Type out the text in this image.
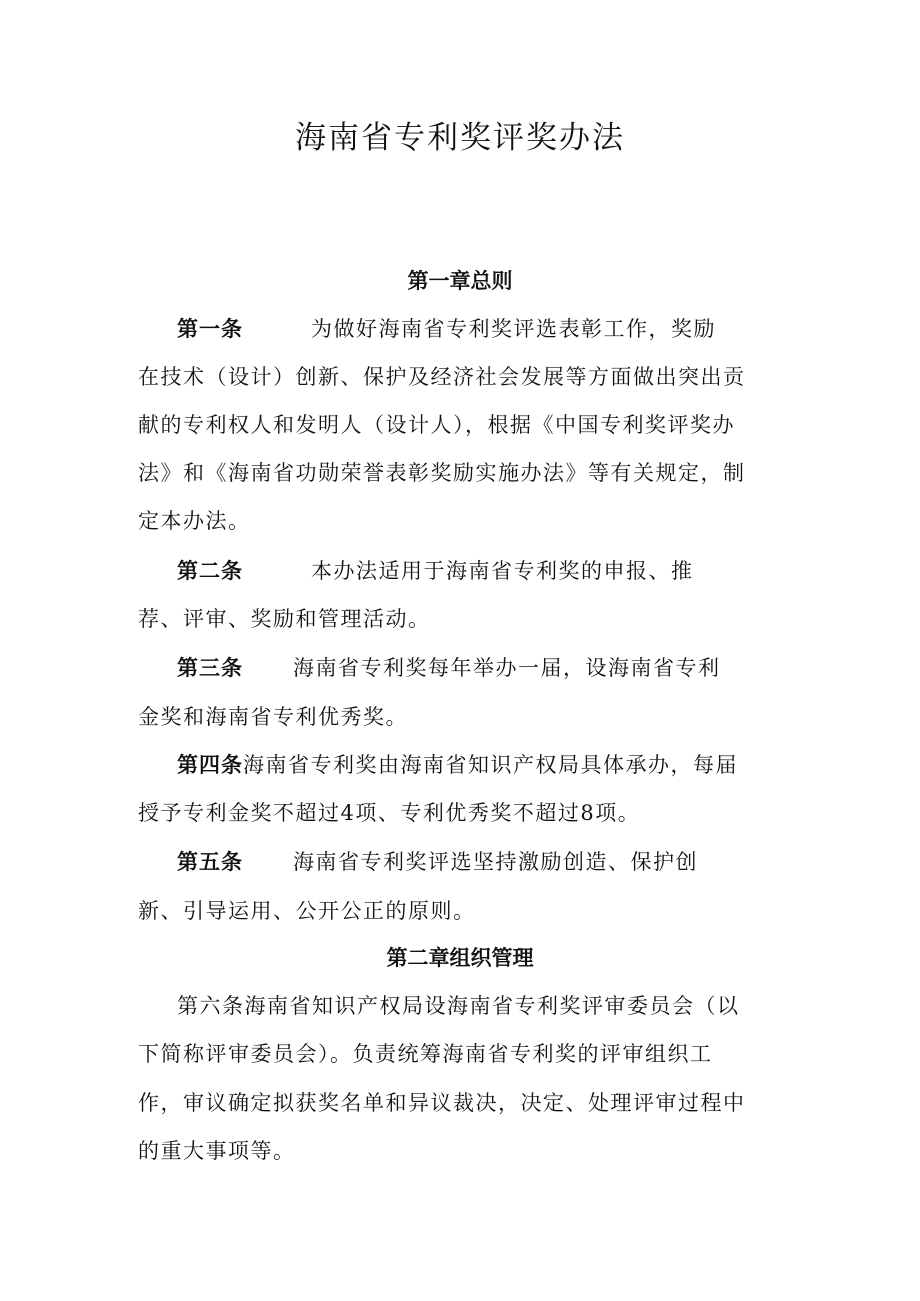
海南省专利奖评奖办法
第一章总则
第一条	为做好海南省专利奖评选表彰工作，奖励
在技术（设计）创新、保护及经济社会发展等方面做出突出贡
献的专利权人和发明人（设计人），根据《中国专利奖评奖办
法》和《海南省功勋荣誉表彰奖励实施办法》等有关规定，制
定本办法。
第二条	本办法适用于海南省专利奖的申报、推
荐、评审、奖励和管理活动。
第三条 海南省专利奖每年举办一届，设海南省专利
金奖和海南省专利优秀奖。
第四条海南省专利奖由海南省知识产权局具体承办，每届
授予专利金奖不超过4项、专利优秀奖不超过8项。
第五条 海南省专利奖评选坚持激励创造、保护创
新、引导运用、公开公正的原则。
第二章组织管理
第六条海南省知识产权局设海南省专利奖评审委员会（以
下简称评审委员会）。负责统筹海南省专利奖的评审组织工
作，审议确定拟获奖名单和异议裁决，决定、处理评审过程中
的重大事项等。
